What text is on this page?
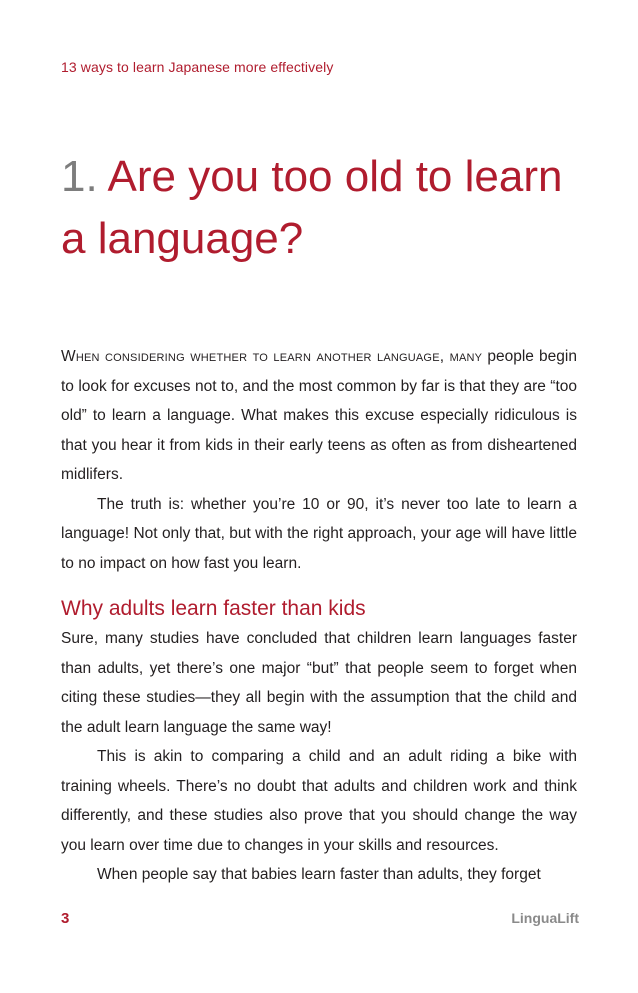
13 ways to learn Japanese more effectively
1. Are you too old to learn a language?

When considering whether to learn another language, many people begin to look for excuses not to, and the most common by far is that they are “too old” to learn a language. What makes this excuse especially ridiculous is that you hear it from kids in their early teens as often as from disheartened midlifers.

The truth is: whether you’re 10 or 90, it’s never too late to learn a language! Not only that, but with the right approach, your age will have little to no impact on how fast you learn.

Why adults learn faster than kids

Sure, many studies have concluded that children learn languages faster than adults, yet there’s one major “but” that people seem to forget when citing these studies—they all begin with the assumption that the child and the adult learn language the same way!

This is akin to comparing a child and an adult riding a bike with training wheels. There’s no doubt that adults and children work and think differently, and these studies also prove that you should change the way you learn over time due to changes in your skills and resources.

When people say that babies learn faster than adults, they forget

3	LinguaLift
